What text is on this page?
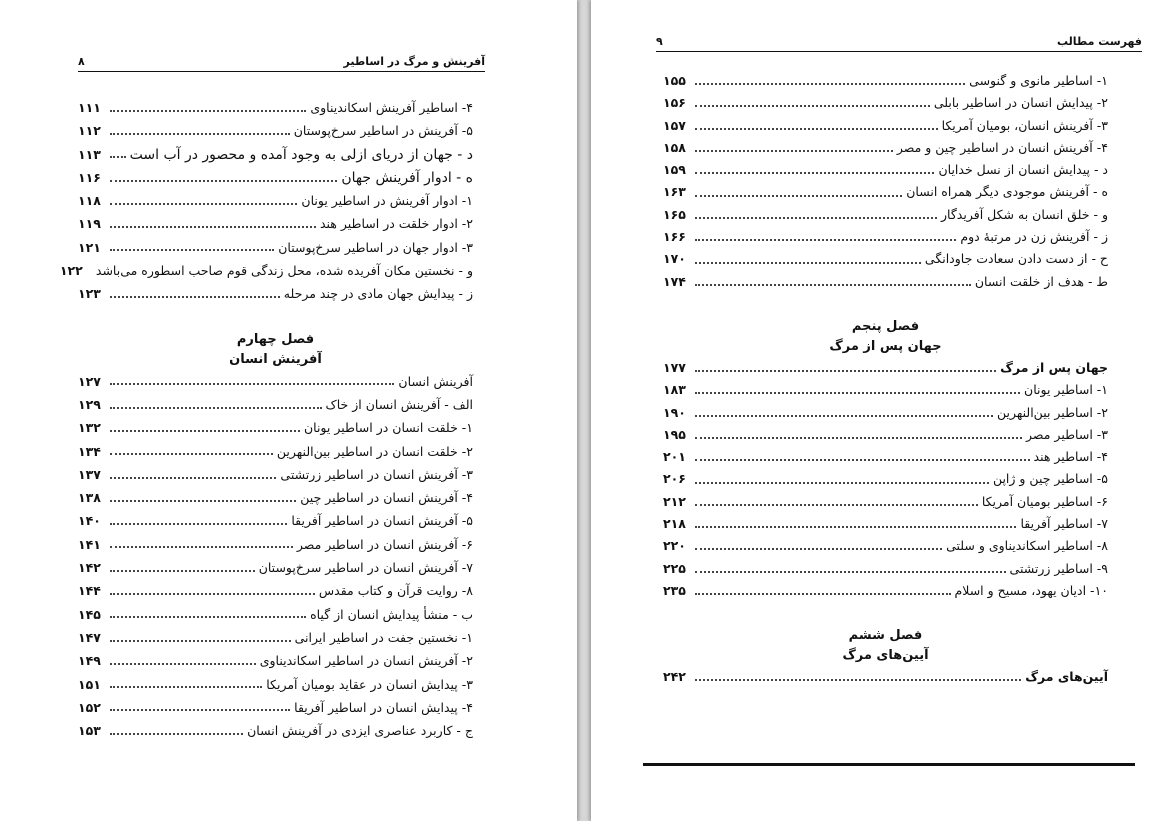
آفرینش و مرگ در اساطیر
۸
۴- اساطیر آفرینش اسکاندیناوی
۱۱۱
۵- آفرینش در اساطیر سرخ‌پوستان
۱۱۲
د - جهان از دریای ازلی به وجود آمده و محصور در آب است
۱۱۳
ه - ادوار آفرینش جهان
۱۱۶
۱- ادوار آفرینش در اساطیر یونان
۱۱۸
۲- ادوار خلقت در اساطیر هند
۱۱۹
۳- ادوار جهان در اساطیر سرخ‌پوستان
۱۲۱
و - نخستین مکان آفریده شده، محل زندگی قوم صاحب اسطوره می‌باشد
۱۲۲
ز - پیدایش جهان مادی در چند مرحله
۱۲۳
فصل چهارم
آفرینش انسان
آفرینش انسان
۱۲۷
الف - آفرینش انسان از خاک
۱۲۹
۱- خلقت انسان در اساطیر یونان
۱۳۲
۲- خلقت انسان در اساطیر بین‌النهرین
۱۳۴
۳- آفرینش انسان در اساطیر زرتشتی
۱۳۷
۴- آفرینش انسان در اساطیر چین
۱۳۸
۵- آفرینش انسان در اساطیر آفریقا
۱۴۰
۶- آفرینش انسان در اساطیر مصر
۱۴۱
۷- آفرینش انسان در اساطیر سرخ‌پوستان
۱۴۲
۸- روایت قرآن و کتاب مقدس
۱۴۴
ب - منشأ پیدایش انسان از گیاه
۱۴۵
۱- نخستین جفت در اساطیر ایرانی
۱۴۷
۲- آفرینش انسان در اساطیر اسکاندیناوی
۱۴۹
۳- پیدایش انسان در عقاید بومیان آمریکا
۱۵۱
۴- پیدایش انسان در اساطیر آفریقا
۱۵۲
ج - کاربرد عناصری ایزدی در آفرینش انسان
۱۵۳
فهرست مطالب
۹
۱- اساطیر مانوی و گنوسی
۱۵۵
۲- پیدایش انسان در اساطیر بابلی
۱۵۶
۳- آفرینش انسان، بومیان آمریکا
۱۵۷
۴- آفرینش انسان در اساطیر چین و مصر
۱۵۸
د - پیدایش انسان از نسل خدایان
۱۵۹
ه - آفرینش موجودی دیگر همراه انسان
۱۶۳
و - خلق انسان به شکل آفریدگار
۱۶۵
ز - آفرینش زن در مرتبهٔ دوم
۱۶۶
ح - از دست دادن سعادت جاودانگی
۱۷۰
ط - هدف از خلقت انسان
۱۷۴
فصل پنجم
جهان پس از مرگ
جهان پس از مرگ
۱۷۷
۱- اساطیر یونان
۱۸۳
۲- اساطیر بین‌النهرین
۱۹۰
۳- اساطیر مصر
۱۹۵
۴- اساطیر هند
۲۰۱
۵- اساطیر چین و ژاپن
۲۰۶
۶- اساطیر بومیان آمریکا
۲۱۲
۷- اساطیر آفریقا
۲۱۸
۸- اساطیر اسکاندیناوی و سلتی
۲۲۰
۹- اساطیر زرتشتی
۲۲۵
۱۰- ادیان یهود، مسیح و اسلام
۲۳۵
فصل ششم
آیین‌های مرگ
آیین‌های مرگ
۲۴۲
